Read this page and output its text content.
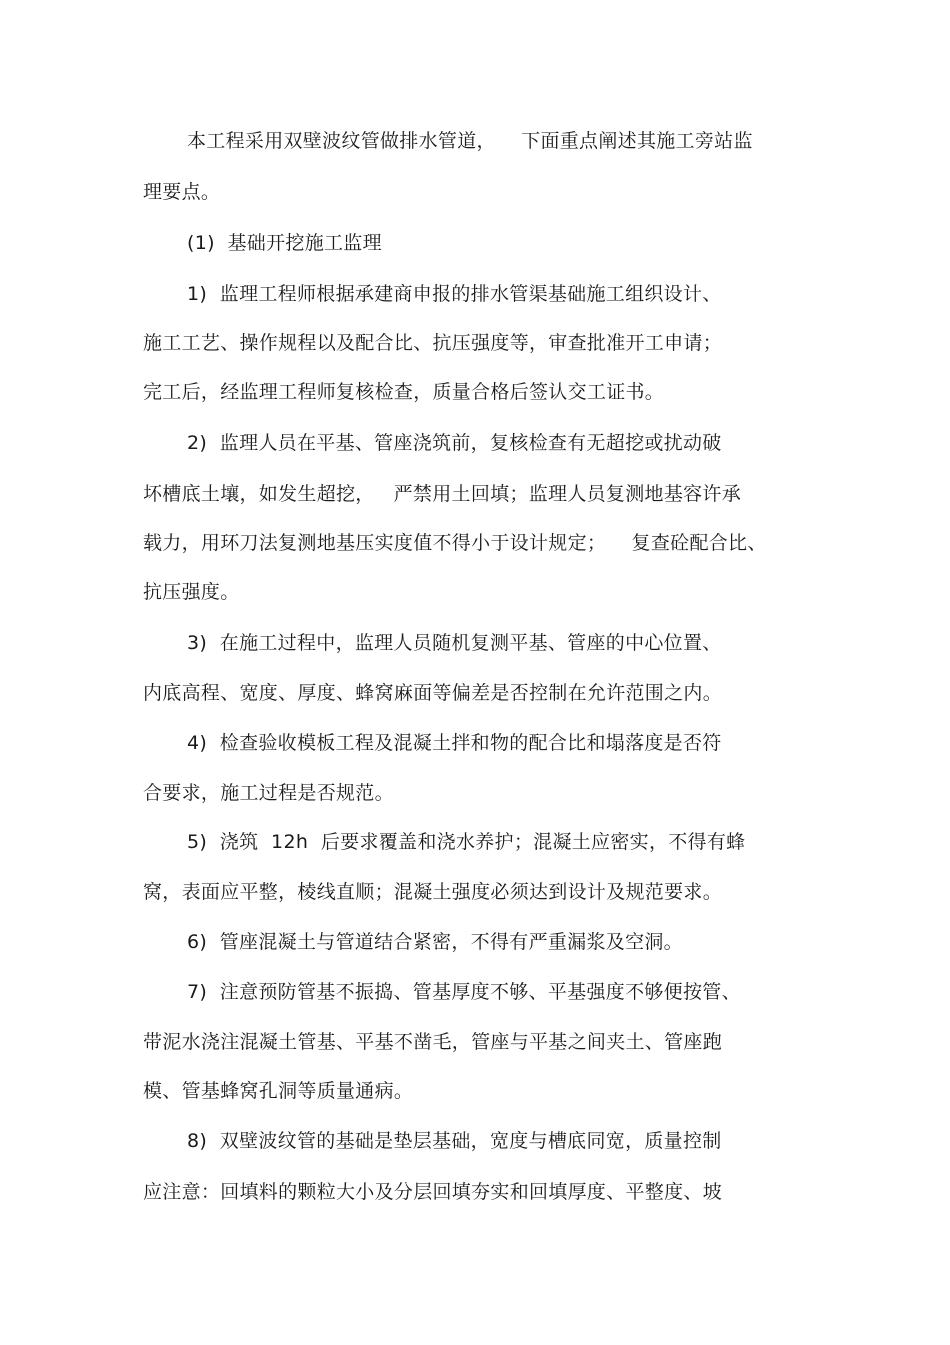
本工程采用双壁波纹管做排水管道，    下面重点阐述其施工旁站监
理要点。
(1)  基础开挖施工监理
1)  监理工程师根据承建商申报的排水管渠基础施工组织设计、
施工工艺、操作规程以及配合比、抗压强度等，审查批准开工申请；
完工后，经监理工程师复核检查，质量合格后签认交工证书。
2)  监理人员在平基、管座浇筑前，复核检查有无超挖或扰动破
坏槽底土壤，如发生超挖，   严禁用土回填；监理人员复测地基容许承
载力，用环刀法复测地基压实度值不得小于设计规定；    复查砼配合比、
抗压强度。
3)  在施工过程中，监理人员随机复测平基、管座的中心位置、
内底高程、宽度、厚度、蜂窝麻面等偏差是否控制在允许范围之内。
4)  检查验收模板工程及混凝土拌和物的配合比和塌落度是否符
合要求，施工过程是否规范。
5)  浇筑  12h  后要求覆盖和浇水养护；混凝土应密实，不得有蜂
窝，表面应平整，棱线直顺；混凝土强度必须达到设计及规范要求。
6)  管座混凝土与管道结合紧密，不得有严重漏浆及空洞。
7)  注意预防管基不振捣、管基厚度不够、平基强度不够便按管、
带泥水浇注混凝土管基、平基不凿毛，管座与平基之间夹土、管座跑
模、管基蜂窝孔洞等质量通病。
8)  双壁波纹管的基础是垫层基础，宽度与槽底同宽，质量控制
应注意：回填料的颗粒大小及分层回填夯实和回填厚度、平整度、坡
